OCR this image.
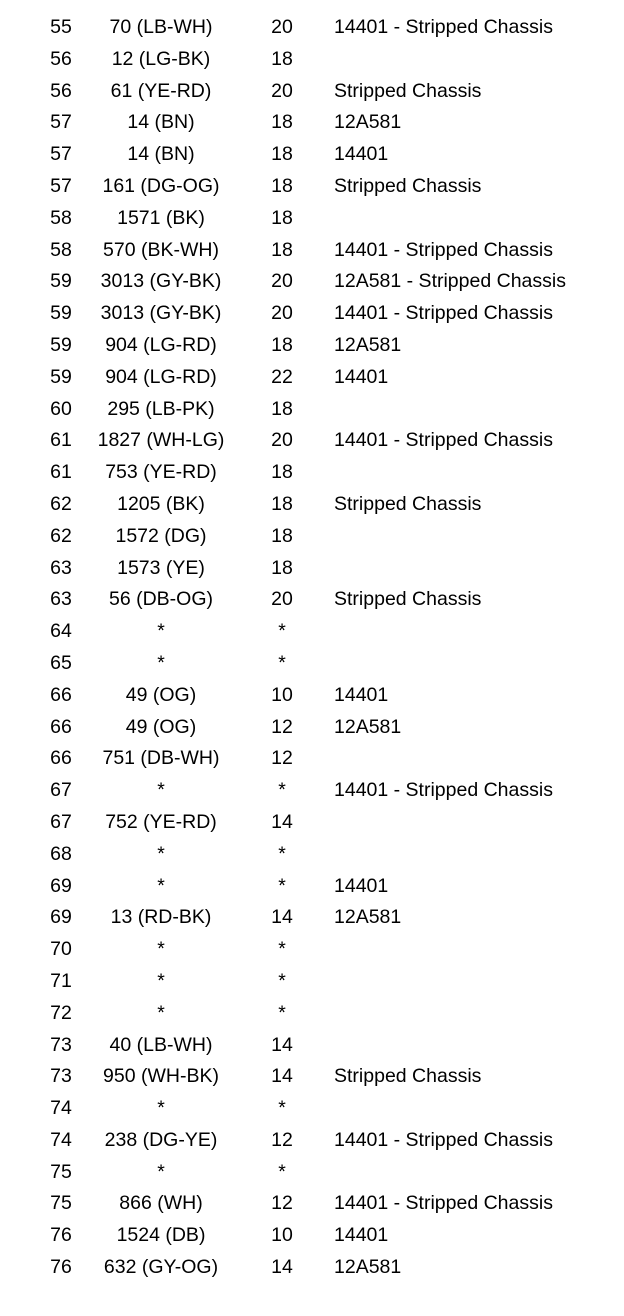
55	70 (LB-WH)	20	14401 - Stripped Chassis
56	12 (LG-BK)	18
56	61 (YE-RD)	20	Stripped Chassis
57	14 (BN)	18	12A581
57	14 (BN)	18	14401
57	161 (DG-OG)	18	Stripped Chassis
58	1571 (BK)	18
58	570 (BK-WH)	18	14401 - Stripped Chassis
59	3013 (GY-BK)	20	12A581 - Stripped Chassis
59	3013 (GY-BK)	20	14401 - Stripped Chassis
59	904 (LG-RD)	18	12A581
59	904 (LG-RD)	22	14401
60	295 (LB-PK)	18
61	1827 (WH-LG)	20	14401 - Stripped Chassis
61	753 (YE-RD)	18
62	1205 (BK)	18	Stripped Chassis
62	1572 (DG)	18
63	1573 (YE)	18
63	56 (DB-OG)	20	Stripped Chassis
64	*	*
65	*	*
66	49 (OG)	10	14401
66	49 (OG)	12	12A581
66	751 (DB-WH)	12
67	*	*	14401 - Stripped Chassis
67	752 (YE-RD)	14
68	*	*
69	*	*	14401
69	13 (RD-BK)	14	12A581
70	*	*
71	*	*
72	*	*
73	40 (LB-WH)	14
73	950 (WH-BK)	14	Stripped Chassis
74	*	*
74	238 (DG-YE)	12	14401 - Stripped Chassis
75	*	*
75	866 (WH)	12	14401 - Stripped Chassis
76	1524 (DB)	10	14401
76	632 (GY-OG)	14	12A581
